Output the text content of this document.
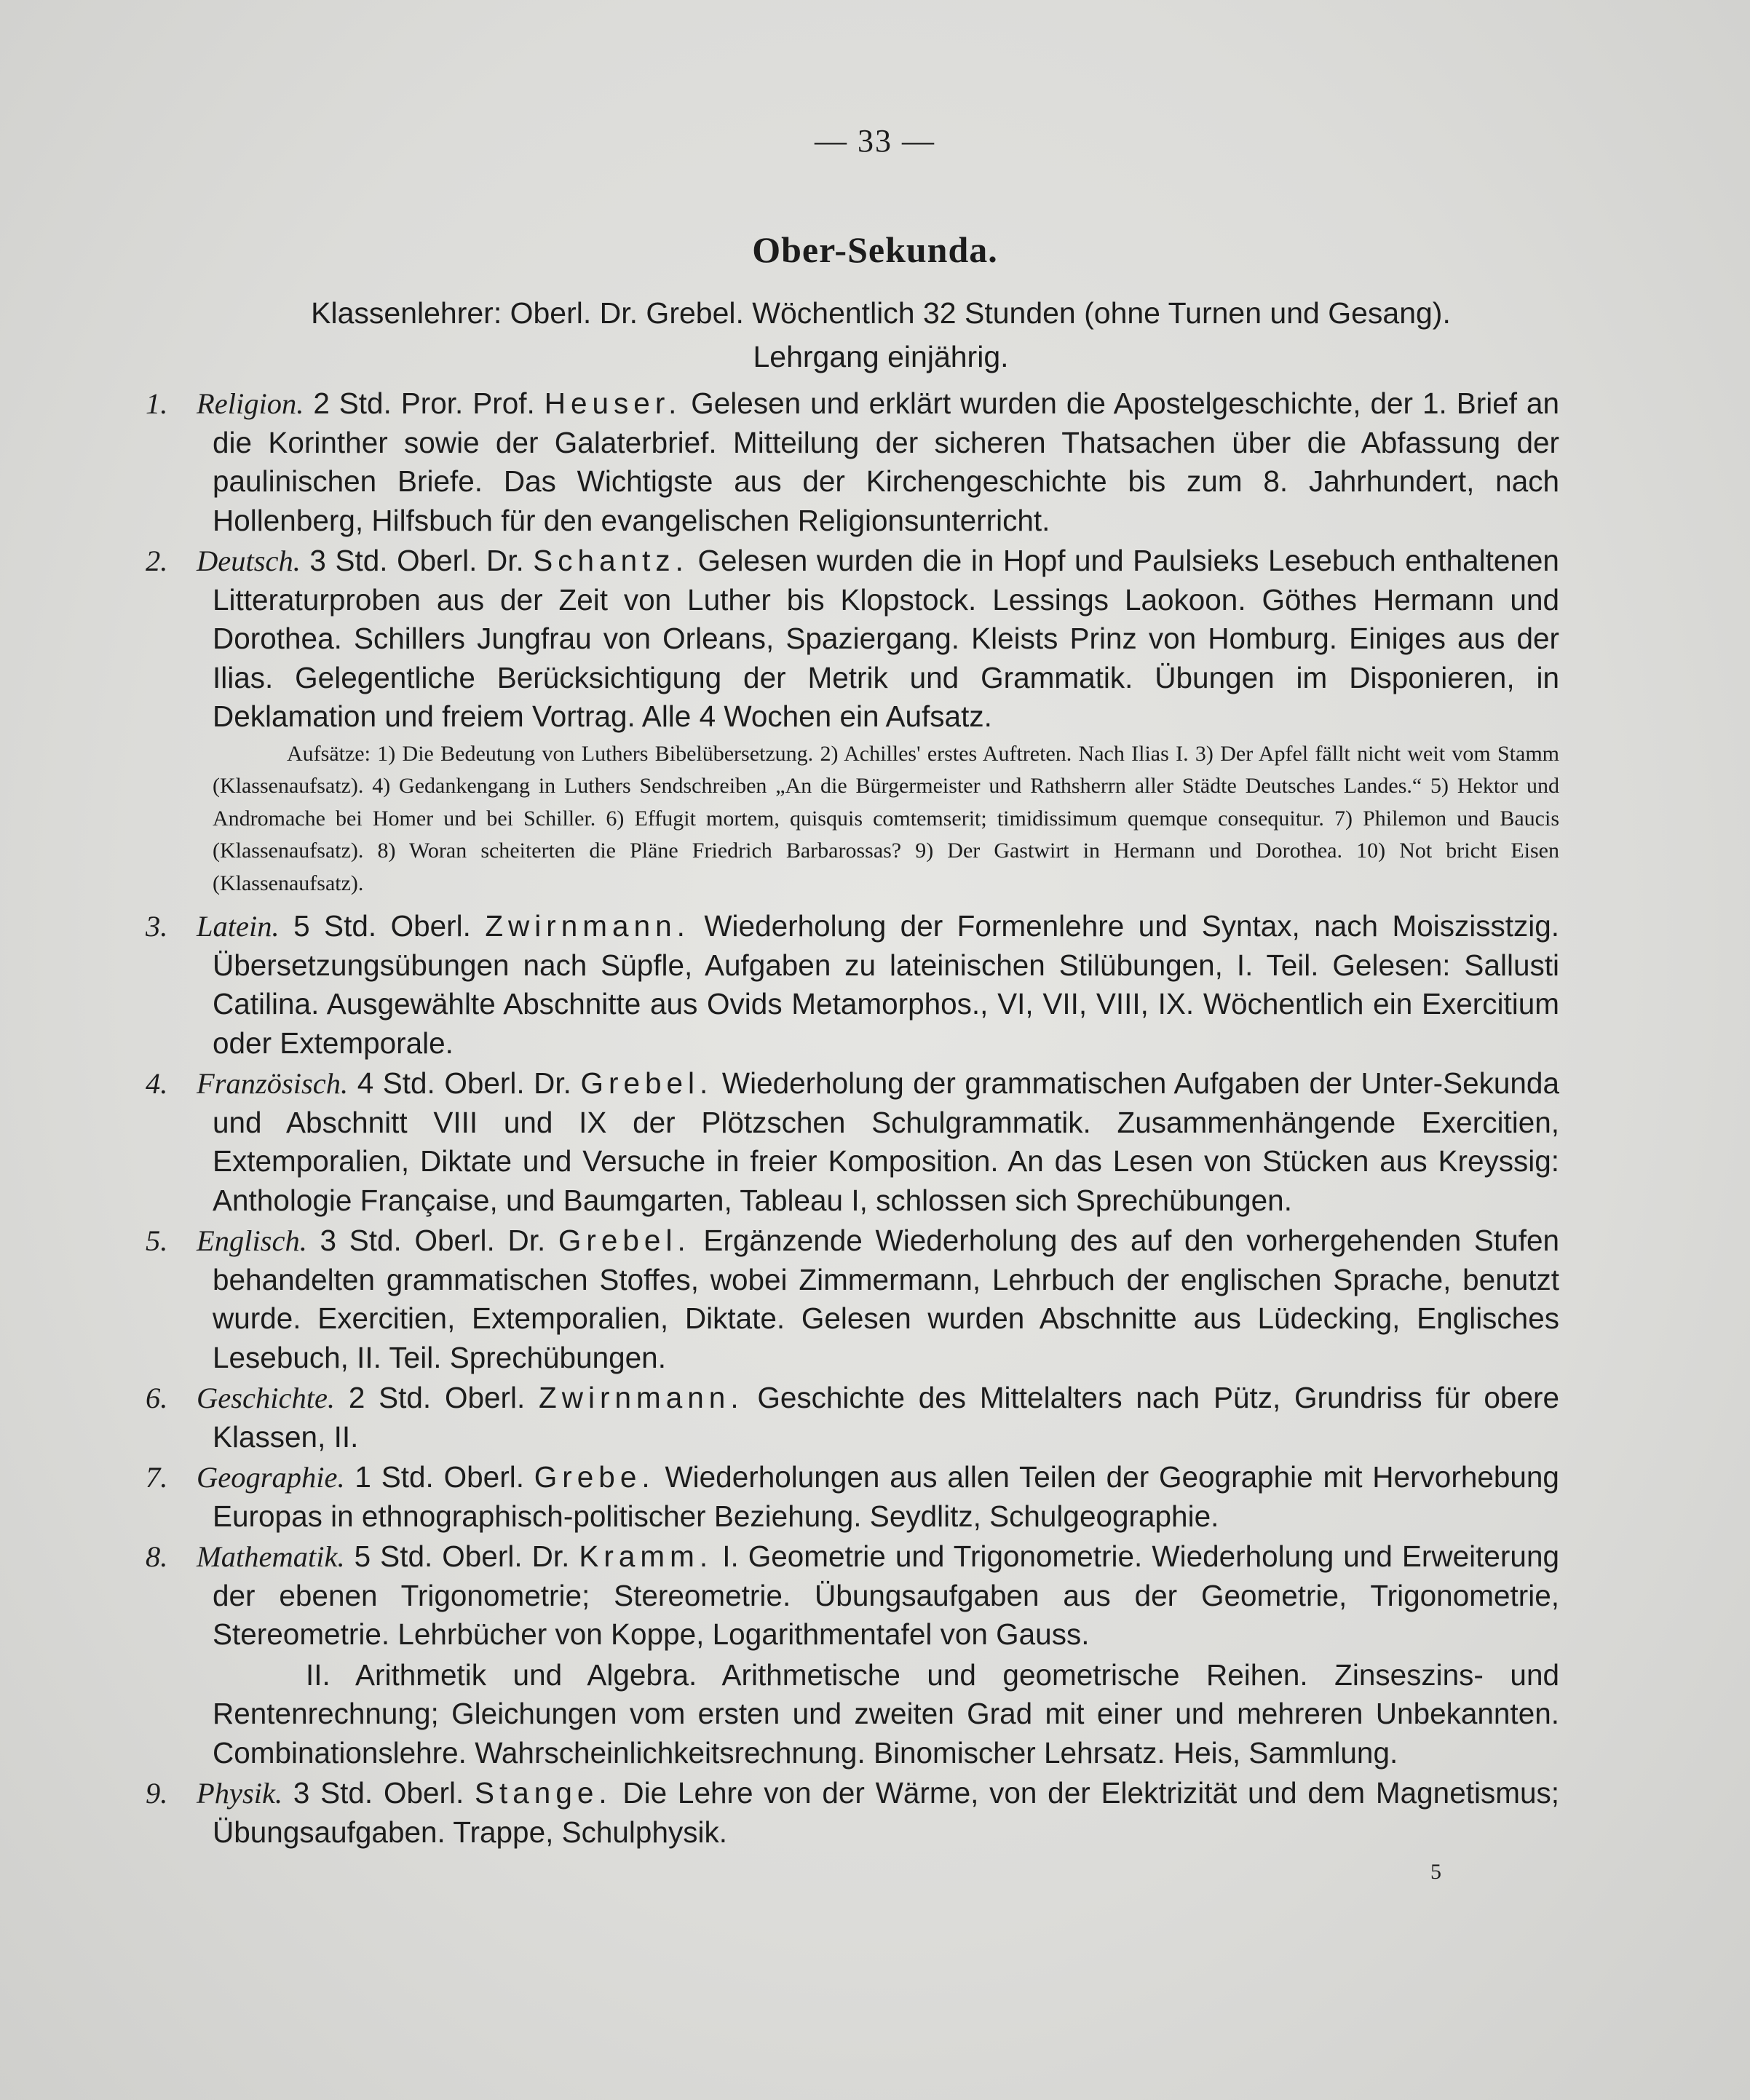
— 33 —
Ober-Sekunda.
Klassenlehrer: Oberl. Dr. Grebel. Wöchentlich 32 Stunden (ohne Turnen und Gesang).
Lehrgang einjährig.

1. Religion. 2 Std. Pror. Prof. Heuser. Gelesen und erklärt wurden die Apostelgeschichte, der 1. Brief an die Korinther sowie der Galaterbrief. Mitteilung der sicheren Thatsachen über die Abfassung der paulinischen Briefe. Das Wichtigste aus der Kirchengeschichte bis zum 8. Jahrhundert, nach Hollenberg, Hilfsbuch für den evangelischen Religionsunterricht.

2. Deutsch. 3 Std. Oberl. Dr. Schantz. Gelesen wurden die in Hopf und Paulsieks Lesebuch enthaltenen Litteraturproben aus der Zeit von Luther bis Klopstock. Lessings Laokoon. Göthes Hermann und Dorothea. Schillers Jungfrau von Orleans, Spaziergang. Kleists Prinz von Homburg. Einiges aus der Ilias. Gelegentliche Berücksichtigung der Metrik und Grammatik. Übungen im Disponieren, in Deklamation und freiem Vortrag. Alle 4 Wochen ein Aufsatz.

Aufsätze: 1) Die Bedeutung von Luthers Bibelübersetzung. 2) Achilles' erstes Auftreten. Nach Ilias I. 3) Der Apfel fällt nicht weit vom Stamm (Klassenaufsatz). 4) Gedankengang in Luthers Sendschreiben „An die Bürgermeister und Rathsherrn aller Städte Deutsches Landes.“ 5) Hektor und Andromache bei Homer und bei Schiller. 6) Effugit mortem, quisquis comtemserit; timidissimum quemque consequitur. 7) Philemon und Baucis (Klassenaufsatz). 8) Woran scheiterten die Pläne Friedrich Barbarossas? 9) Der Gastwirt in Hermann und Dorothea. 10) Not bricht Eisen (Klassenaufsatz).

3. Latein. 5 Std. Oberl. Zwirnmann. Wiederholung der Formenlehre und Syntax, nach Moiszisstzig. Übersetzungsübungen nach Süpfle, Aufgaben zu lateinischen Stilübungen, I. Teil. Gelesen: Sallusti Catilina. Ausgewählte Abschnitte aus Ovids Metamorphos., VI, VII, VIII, IX. Wöchentlich ein Exercitium oder Extemporale.

4. Französisch. 4 Std. Oberl. Dr. Grebel. Wiederholung der grammatischen Aufgaben der Unter-Sekunda und Abschnitt VIII und IX der Plötzschen Schulgrammatik. Zusammenhängende Exercitien, Extemporalien, Diktate und Versuche in freier Komposition. An das Lesen von Stücken aus Kreyssig: Anthologie Française, und Baumgarten, Tableau I, schlossen sich Sprechübungen.

5. Englisch. 3 Std. Oberl. Dr. Grebel. Ergänzende Wiederholung des auf den vorhergehenden Stufen behandelten grammatischen Stoffes, wobei Zimmermann, Lehrbuch der englischen Sprache, benutzt wurde. Exercitien, Extemporalien, Diktate. Gelesen wurden Abschnitte aus Lüdecking, Englisches Lesebuch, II. Teil. Sprechübungen.

6. Geschichte. 2 Std. Oberl. Zwirnmann. Geschichte des Mittelalters nach Pütz, Grundriss für obere Klassen, II.

7. Geographie. 1 Std. Oberl. Grebe. Wiederholungen aus allen Teilen der Geographie mit Hervorhebung Europas in ethnographisch-politischer Beziehung. Seydlitz, Schulgeographie.

8. Mathematik. 5 Std. Oberl. Dr. Kramm. I. Geometrie und Trigonometrie. Wiederholung und Erweiterung der ebenen Trigonometrie; Stereometrie. Übungsaufgaben aus der Geometrie, Trigonometrie, Stereometrie. Lehrbücher von Koppe, Logarithmentafel von Gauss.

II. Arithmetik und Algebra. Arithmetische und geometrische Reihen. Zinseszins- und Rentenrechnung; Gleichungen vom ersten und zweiten Grad mit einer und mehreren Unbekannten. Combinationslehre. Wahrscheinlichkeitsrechnung. Binomischer Lehrsatz. Heis, Sammlung.

9. Physik. 3 Std. Oberl. Stange. Die Lehre von der Wärme, von der Elektrizität und dem Magnetismus; Übungsaufgaben. Trappe, Schulphysik.

5
